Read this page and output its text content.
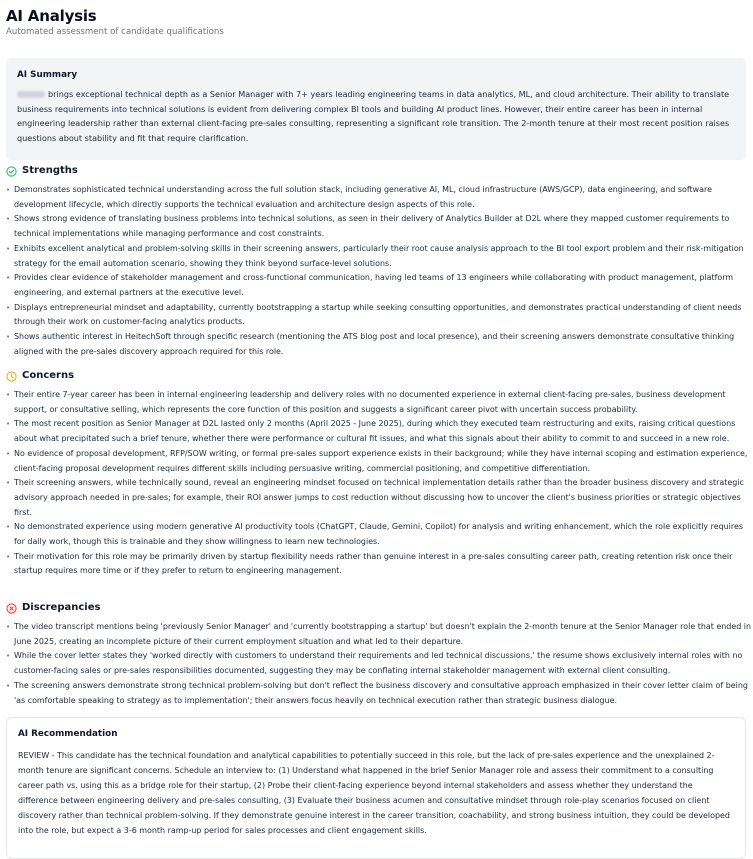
AI Analysis
Automated assessment of candidate qualifications
AI Summary
brings exceptional technical depth as a Senior Manager with 7+ years leading engineering teams in data analytics, ML, and cloud architecture. Their ability to translate business requirements into technical solutions is evident from delivering complex BI tools and building AI product lines. However, their entire career has been in internal engineering leadership rather than external client-facing pre-sales consulting, representing a significant role transition. The 2-month tenure at their most recent position raises questions about stability and fit that require clarification.
Strengths
• Demonstrates sophisticated technical understanding across the full solution stack, including generative AI, ML, cloud infrastructure (AWS/GCP), data engineering, and software development lifecycle, which directly supports the technical evaluation and architecture design aspects of this role.
• Shows strong evidence of translating business problems into technical solutions, as seen in their delivery of Analytics Builder at D2L where they mapped customer requirements to technical implementations while managing performance and cost constraints.
• Exhibits excellent analytical and problem-solving skills in their screening answers, particularly their root cause analysis approach to the BI tool export problem and their risk-mitigation strategy for the email automation scenario, showing they think beyond surface-level solutions.
• Provides clear evidence of stakeholder management and cross-functional communication, having led teams of 13 engineers while collaborating with product management, platform engineering, and external partners at the executive level.
• Displays entrepreneurial mindset and adaptability, currently bootstrapping a startup while seeking consulting opportunities, and demonstrates practical understanding of client needs through their work on customer-facing analytics products.
• Shows authentic interest in HeitechSoft through specific research (mentioning the ATS blog post and local presence), and their screening answers demonstrate consultative thinking aligned with the pre-sales discovery approach required for this role.
Concerns
• Their entire 7-year career has been in internal engineering leadership and delivery roles with no documented experience in external client-facing pre-sales, business development support, or consultative selling, which represents the core function of this position and suggests a significant career pivot with uncertain success probability.
• The most recent position as Senior Manager at D2L lasted only 2 months (April 2025 - June 2025), during which they executed team restructuring and exits, raising critical questions about what precipitated such a brief tenure, whether there were performance or cultural fit issues, and what this signals about their ability to commit to and succeed in a new role.
• No evidence of proposal development, RFP/SOW writing, or formal pre-sales support experience exists in their background; while they have internal scoping and estimation experience, client-facing proposal development requires different skills including persuasive writing, commercial positioning, and competitive differentiation.
• Their screening answers, while technically sound, reveal an engineering mindset focused on technical implementation details rather than the broader business discovery and strategic advisory approach needed in pre-sales; for example, their ROI answer jumps to cost reduction without discussing how to uncover the client's business priorities or strategic objectives first.
• No demonstrated experience using modern generative AI productivity tools (ChatGPT, Claude, Gemini, Copilot) for analysis and writing enhancement, which the role explicitly requires for daily work, though this is trainable and they show willingness to learn new technologies.
• Their motivation for this role may be primarily driven by startup flexibility needs rather than genuine interest in a pre-sales consulting career path, creating retention risk once their startup requires more time or if they prefer to return to engineering management.
Discrepancies
• The video transcript mentions being 'previously Senior Manager' and 'currently bootstrapping a startup' but doesn't explain the 2-month tenure at the Senior Manager role that ended in June 2025, creating an incomplete picture of their current employment situation and what led to their departure.
• While the cover letter states they 'worked directly with customers to understand their requirements and led technical discussions,' the resume shows exclusively internal roles with no customer-facing sales or pre-sales responsibilities documented, suggesting they may be conflating internal stakeholder management with external client consulting.
• The screening answers demonstrate strong technical problem-solving but don't reflect the business discovery and consultative approach emphasized in their cover letter claim of being 'as comfortable speaking to strategy as to implementation'; their answers focus heavily on technical execution rather than strategic business dialogue.
AI Recommendation
REVIEW - This candidate has the technical foundation and analytical capabilities to potentially succeed in this role, but the lack of pre-sales experience and the unexplained 2-month tenure are significant concerns. Schedule an interview to: (1) Understand what happened in the brief Senior Manager role and assess their commitment to a consulting career path vs. using this as a bridge role for their startup, (2) Probe their client-facing experience beyond internal stakeholders and assess whether they understand the difference between engineering delivery and pre-sales consulting, (3) Evaluate their business acumen and consultative mindset through role-play scenarios focused on client discovery rather than technical problem-solving. If they demonstrate genuine interest in the career transition, coachability, and strong business intuition, they could be developed into the role, but expect a 3-6 month ramp-up period for sales processes and client engagement skills.
